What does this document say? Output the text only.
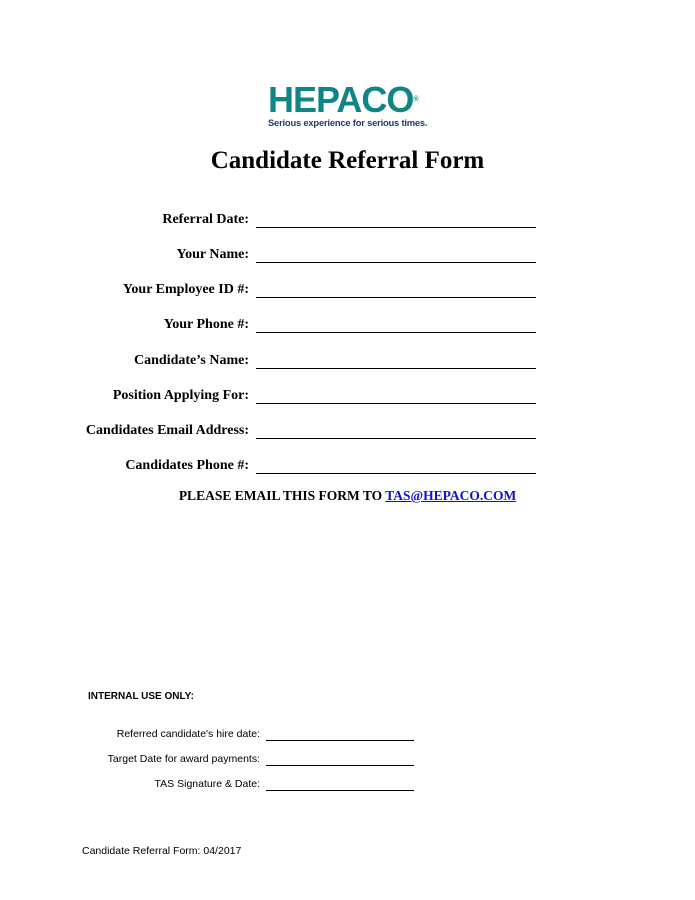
HEPACO®
Serious experience for serious times.
Candidate Referral Form
Referral Date:
Your Name:
Your Employee ID #:
Your Phone #:
Candidate’s Name:
Position Applying For:
Candidates Email Address:
Candidates Phone #:
PLEASE EMAIL THIS FORM TO TAS@HEPACO.COM
INTERNAL USE ONLY:
Referred candidate's hire date:
Target Date for award payments:
TAS Signature & Date:
Candidate Referral Form: 04/2017
